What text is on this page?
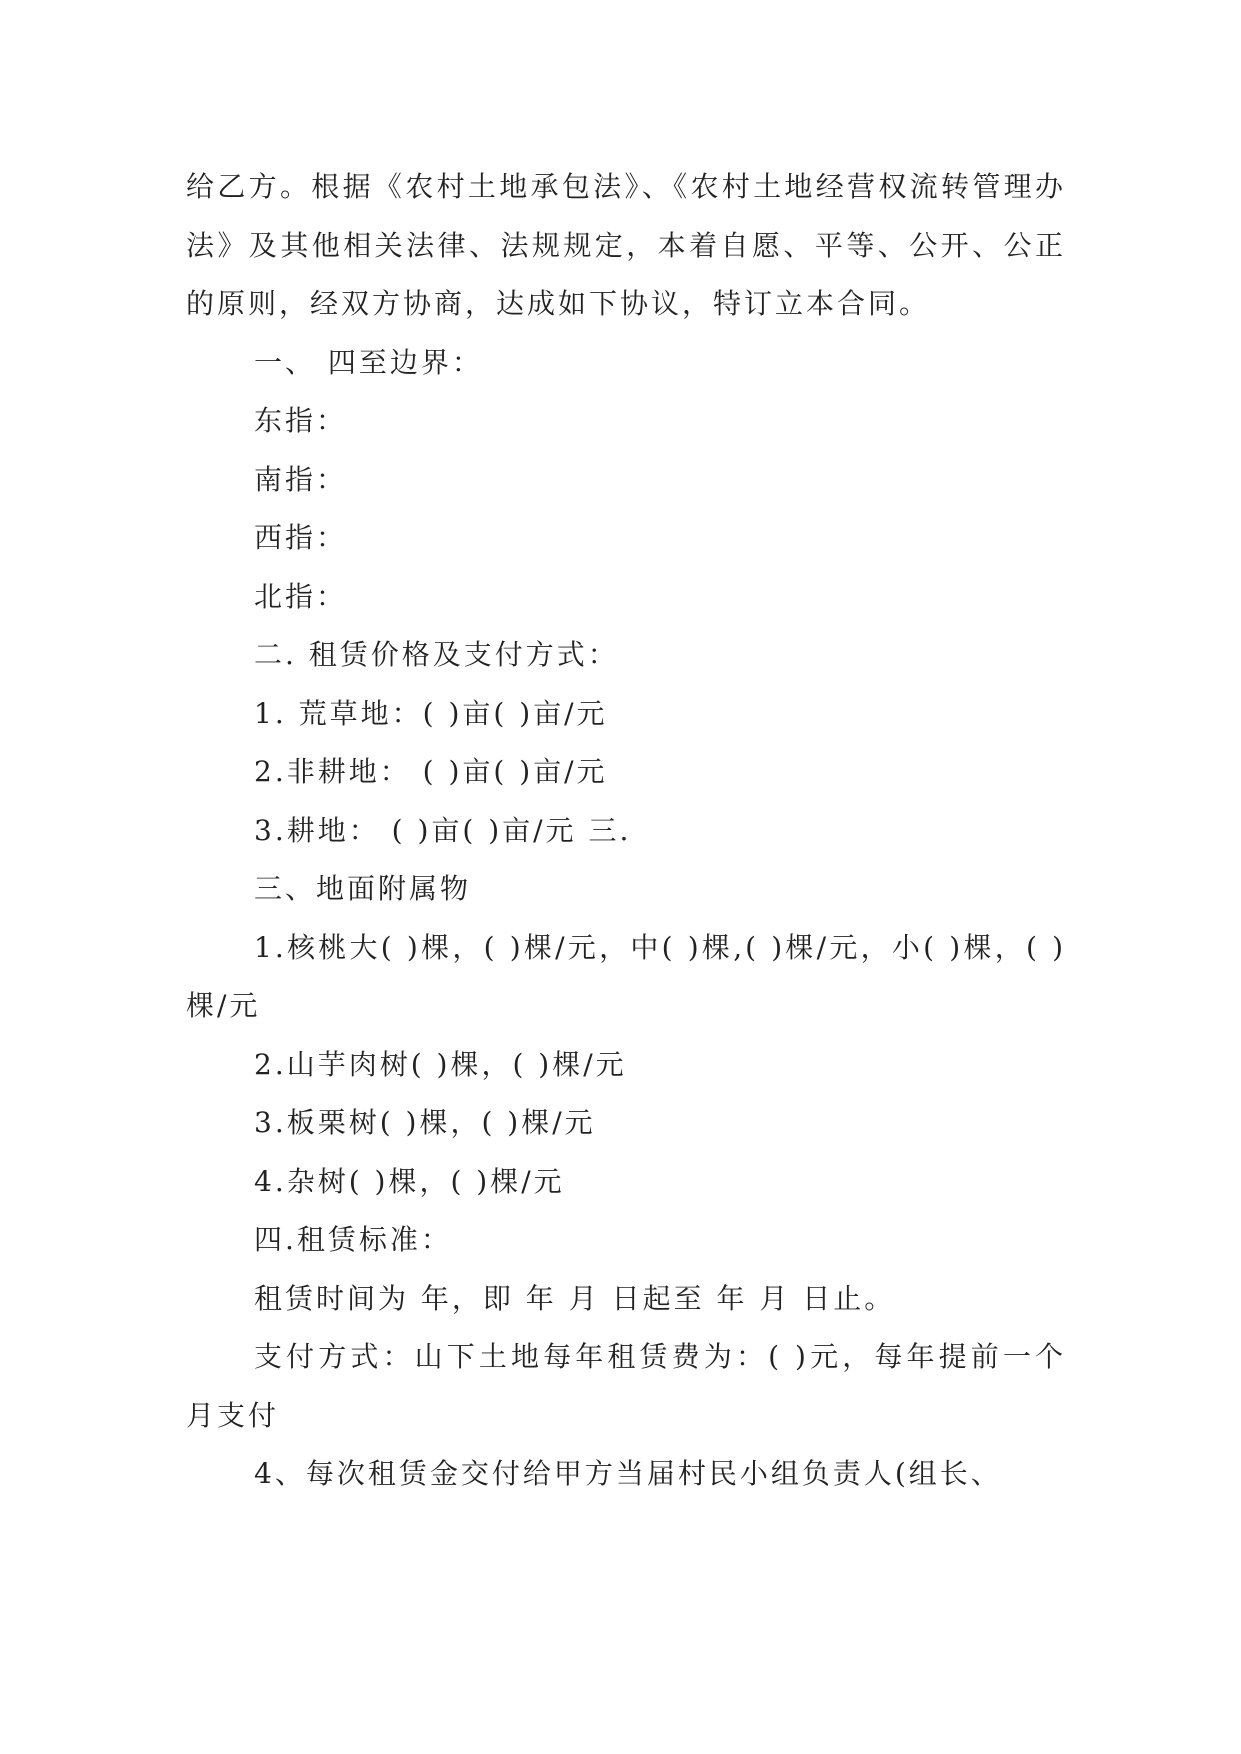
给乙方。根据《农村土地承包法》、《农村土地经营权流转管理办法》及其他相关法律、法规规定，本着自愿、平等、公开、公正的原则，经双方协商，达成如下协议，特订立本合同。

一、 四至边界：

东指：

南指：

西指：

北指：

二. 租赁价格及支付方式：

1. 荒草地：( )亩( )亩/元

2.非耕地： ( )亩( )亩/元

3.耕地： ( )亩( )亩/元 三.

三、地面附属物

1.核桃大( )棵，( )棵/元，中( )棵,( )棵/元，小( )棵，( )棵/元

2.山芋肉树( )棵，( )棵/元

3.板栗树( )棵，( )棵/元

4.杂树( )棵，( )棵/元

四.租赁标准：

租赁时间为 年，即 年 月 日起至 年 月 日止。

支付方式：山下土地每年租赁费为：( )元，每年提前一个月支付

4、每次租赁金交付给甲方当届村民小组负责人(组长、
